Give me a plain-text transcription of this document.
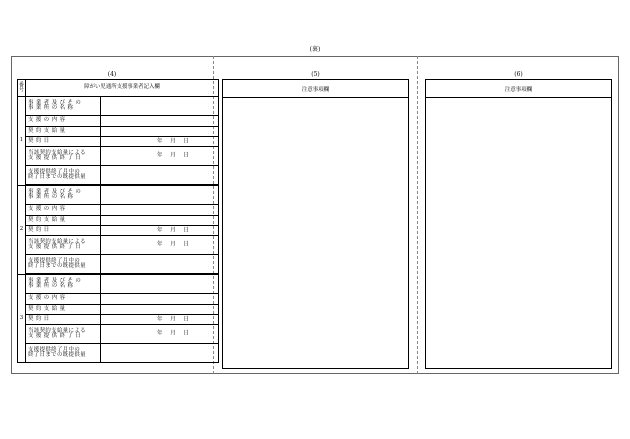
(裏)
(4)	(5)	(6)
注意事項欄	注意事項欄
番号	障がい児通所支援事業者記入欄	
1	事 業 者 及 び そ の
事 業 所 の 名 称	
	支 援 の 内 容	
	契 約 支 給 量	
	契 約 日	年 月 日

	当該契約支給量による
支 援 提 供 終 了 日	年 月 日

	支援提供終了月中の
終了日までの既提供量	

2	事 業 者 及 び そ の
事 業 所 の 名 称	
	支 援 の 内 容	
	契 約 支 給 量	
	契 約 日	年 月 日

	当該契約支給量による
支 援 提 供 終 了 日	年 月 日

	支援提供終了月中の
終了日までの既提供量	

3	事 業 者 及 び そ の
事 業 所 の 名 称	
	支 援 の 内 容	
	契 約 支 給 量	
	契 約 日	年 月 日

	当該契約支給量による
支 援 提 供 終 了 日	年 月 日

	支援提供終了月中の
終了日までの既提供量	
